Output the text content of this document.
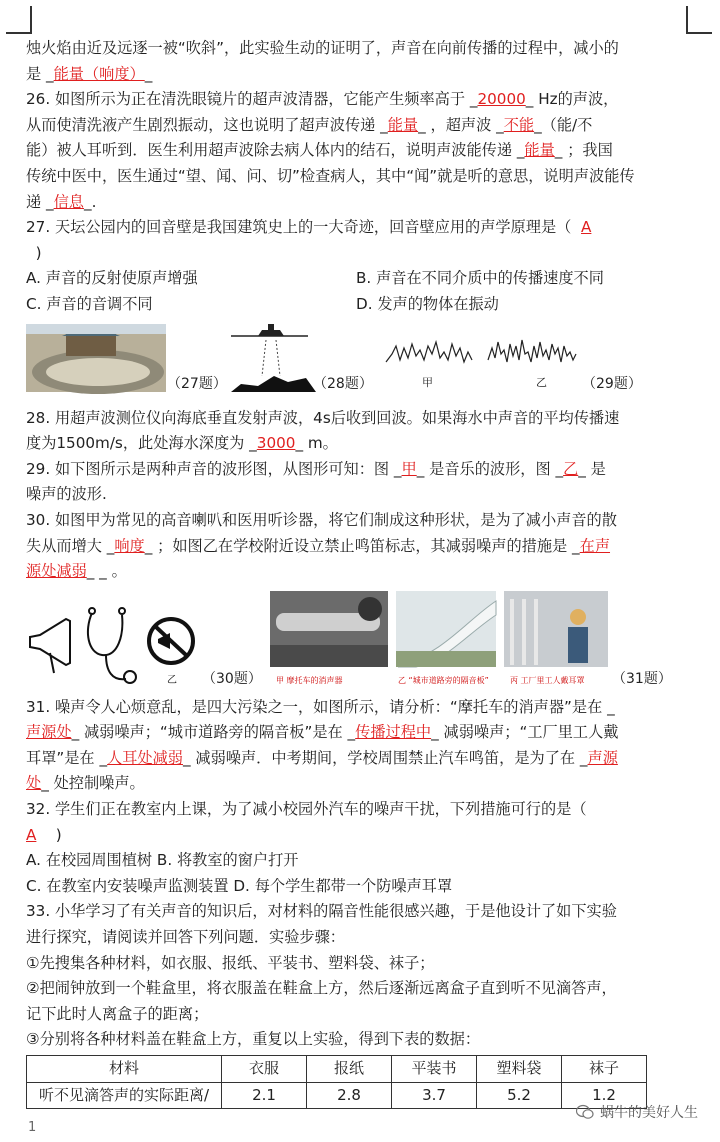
烛火焰由近及远逐一被“吹斜”，此实验生动的证明了，声音在向前传播的过程中，减小的
是 _能量（响度）_
26. 如图所示为正在清洗眼镜片的超声波清器，它能产生频率高于 _20000_ Hz的声波，
从而使清洗液产生剧烈振动，这也说明了超声波传递 _能量_ ，超声波 _不能_（能/不
能）被人耳听到．医生利用超声波除去病人体内的结石，说明声波能传递 _能量_ ；我国
传统中医中，医生通过“望、闻、问、切”检查病人，其中“闻”就是听的意思，说明声波能传
递 _信息_.
27. 天坛公园内的回音壁是我国建筑史上的一大奇迹，回音壁应用的声学原理是（ A
)
A. 声音的反射使原声增强	B. 声音在不同介质中的传播速度不同
C. 声音的音调不同	D. 发声的物体在振动
（27题）	（28题）	甲	乙	（29题）
28. 用超声波测位仪向海底垂直发射声波，4s后收到回波。如果海水中声音的平均传播速
度为1500m/s，此处海水深度为 _3000_ m。
29. 如下图所示是两种声音的波形图，从图形可知：图 _甲_ 是音乐的波形，图 _乙_ 是
噪声的波形.
30. 如图甲为常见的高音喇叭和医用听诊器，将它们制成这种形状，是为了减小声音的散
失从而增大 _响度_ ；如图乙在学校附近设立禁止鸣笛标志，其减弱噪声的措施是 _在声
源处减弱_ _ 。
乙 （30题） 甲 摩托车的消声器	乙 “城市道路旁的隔音板”	丙 工厂里工人戴耳罩 （31题）
31. 噪声令人心烦意乱，是四大污染之一，如图所示，请分析：“摩托车的消声器”是在 _
声源处_ 减弱噪声；“城市道路旁的隔音板”是在 _传播过程中_ 减弱噪声；“工厂里工人戴
耳罩”是在 _人耳处减弱_ 减弱噪声．中考期间，学校周围禁止汽车鸣笛，是为了在 _声源
处_ 处控制噪声。
32. 学生们正在教室内上课，为了减小校园外汽车的噪声干扰，下列措施可行的是（
A )
A. 在校园周围植树 B. 将教室的窗户打开
C. 在教室内安装噪声监测装置 D. 每个学生都带一个防噪声耳罩
33. 小华学习了有关声音的知识后，对材料的隔音性能很感兴趣，于是他设计了如下实验
进行探究，请阅读并回答下列问题．实验步骤：
①先搜集各种材料，如衣服、报纸、平装书、塑料袋、袜子；
②把闹钟放到一个鞋盒里，将衣服盖在鞋盒上方，然后逐渐远离盒子直到听不见滴答声，
记下此时人离盒子的距离；
③分别将各种材料盖在鞋盒上方，重复以上实验，得到下表的数据：
材料	衣服	报纸	平装书	塑料袋	袜子
听不见滴答声的实际距离/	2.1	2.8	3.7	5.2	1.2
蜗牛的美好人生
1
